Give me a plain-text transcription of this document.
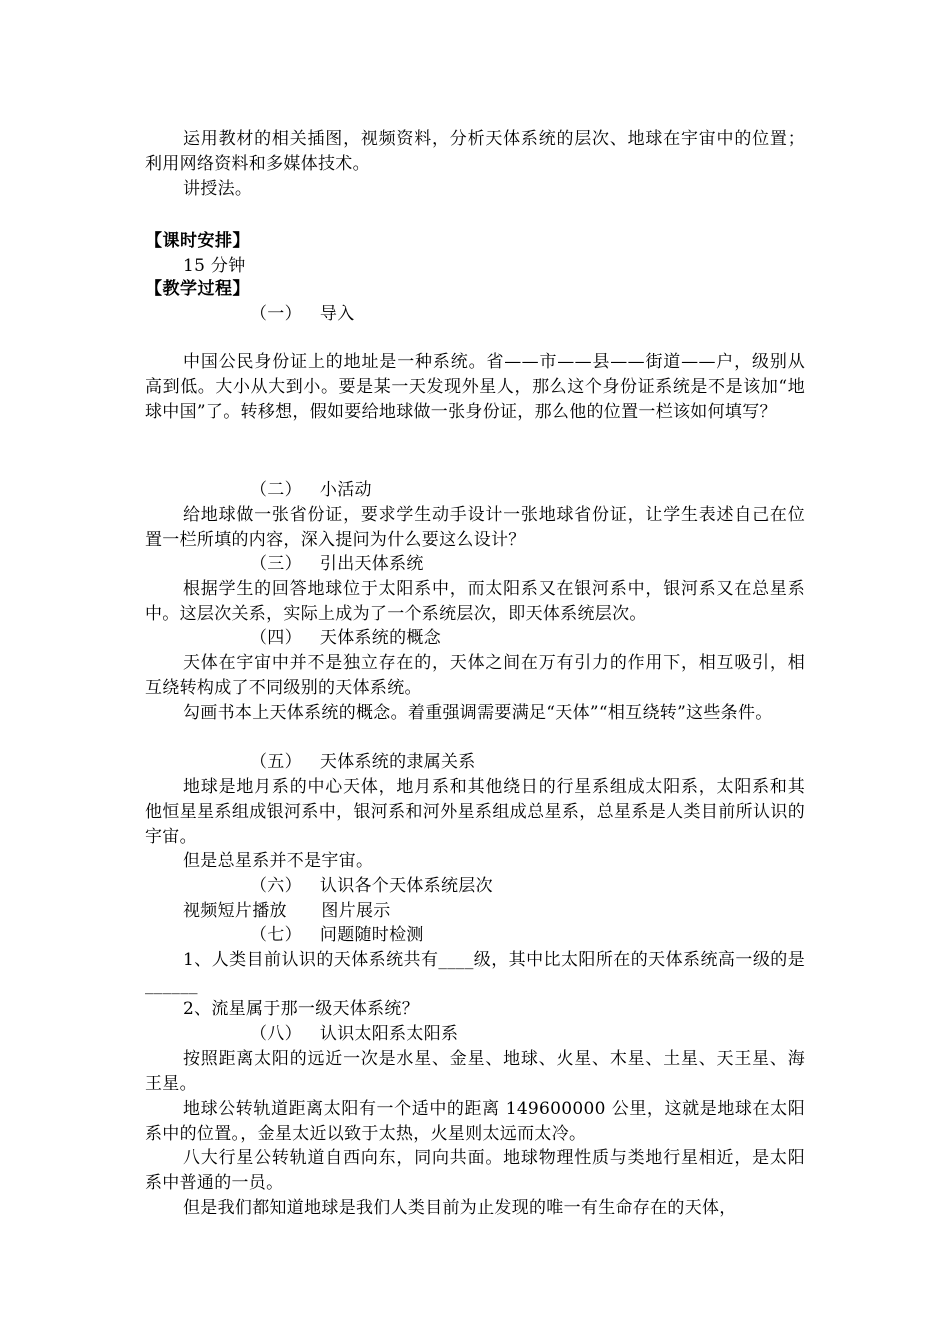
运用教材的相关插图，视频资料，分析天体系统的层次、地球在宇宙中的位置；利用网络资料和多媒体技术。
讲授法。
【课时安排】
15 分钟
【教学过程】
（一） 导入
中国公民身份证上的地址是一种系统。省——市——县——街道——户，级别从高到低。大小从大到小。要是某一天发现外星人，那么这个身份证系统是不是该加“地球中国”了。转移想，假如要给地球做一张身份证，那么他的位置一栏该如何填写？
（二） 小活动
给地球做一张省份证，要求学生动手设计一张地球省份证，让学生表述自己在位置一栏所填的内容，深入提问为什么要这么设计？
（三） 引出天体系统
根据学生的回答地球位于太阳系中，而太阳系又在银河系中，银河系又在总星系中。这层次关系，实际上成为了一个系统层次，即天体系统层次。
（四） 天体系统的概念
天体在宇宙中并不是独立存在的，天体之间在万有引力的作用下，相互吸引，相互绕转构成了不同级别的天体系统。
勾画书本上天体系统的概念。着重强调需要满足“天体”“相互绕转”这些条件。
（五） 天体系统的隶属关系
地球是地月系的中心天体，地月系和其他绕日的行星系组成太阳系，太阳系和其他恒星星系组成银河系中，银河系和河外星系组成总星系，总星系是人类目前所认识的宇宙。
但是总星系并不是宇宙。
（六） 认识各个天体系统层次
视频短片播放　　图片展示
（七） 问题随时检测
1、人类目前认识的天体系统共有____级，其中比太阳所在的天体系统高一级的是______
2、流星属于那一级天体系统？
（八） 认识太阳系太阳系
按照距离太阳的远近一次是水星、金星、地球、火星、木星、土星、天王星、海王星。
地球公转轨道距离太阳有一个适中的距离 149600000 公里，这就是地球在太阳系中的位置。，金星太近以致于太热，火星则太远而太冷。
八大行星公转轨道自西向东，同向共面。地球物理性质与类地行星相近，是太阳系中普通的一员。
但是我们都知道地球是我们人类目前为止发现的唯一有生命存在的天体，
